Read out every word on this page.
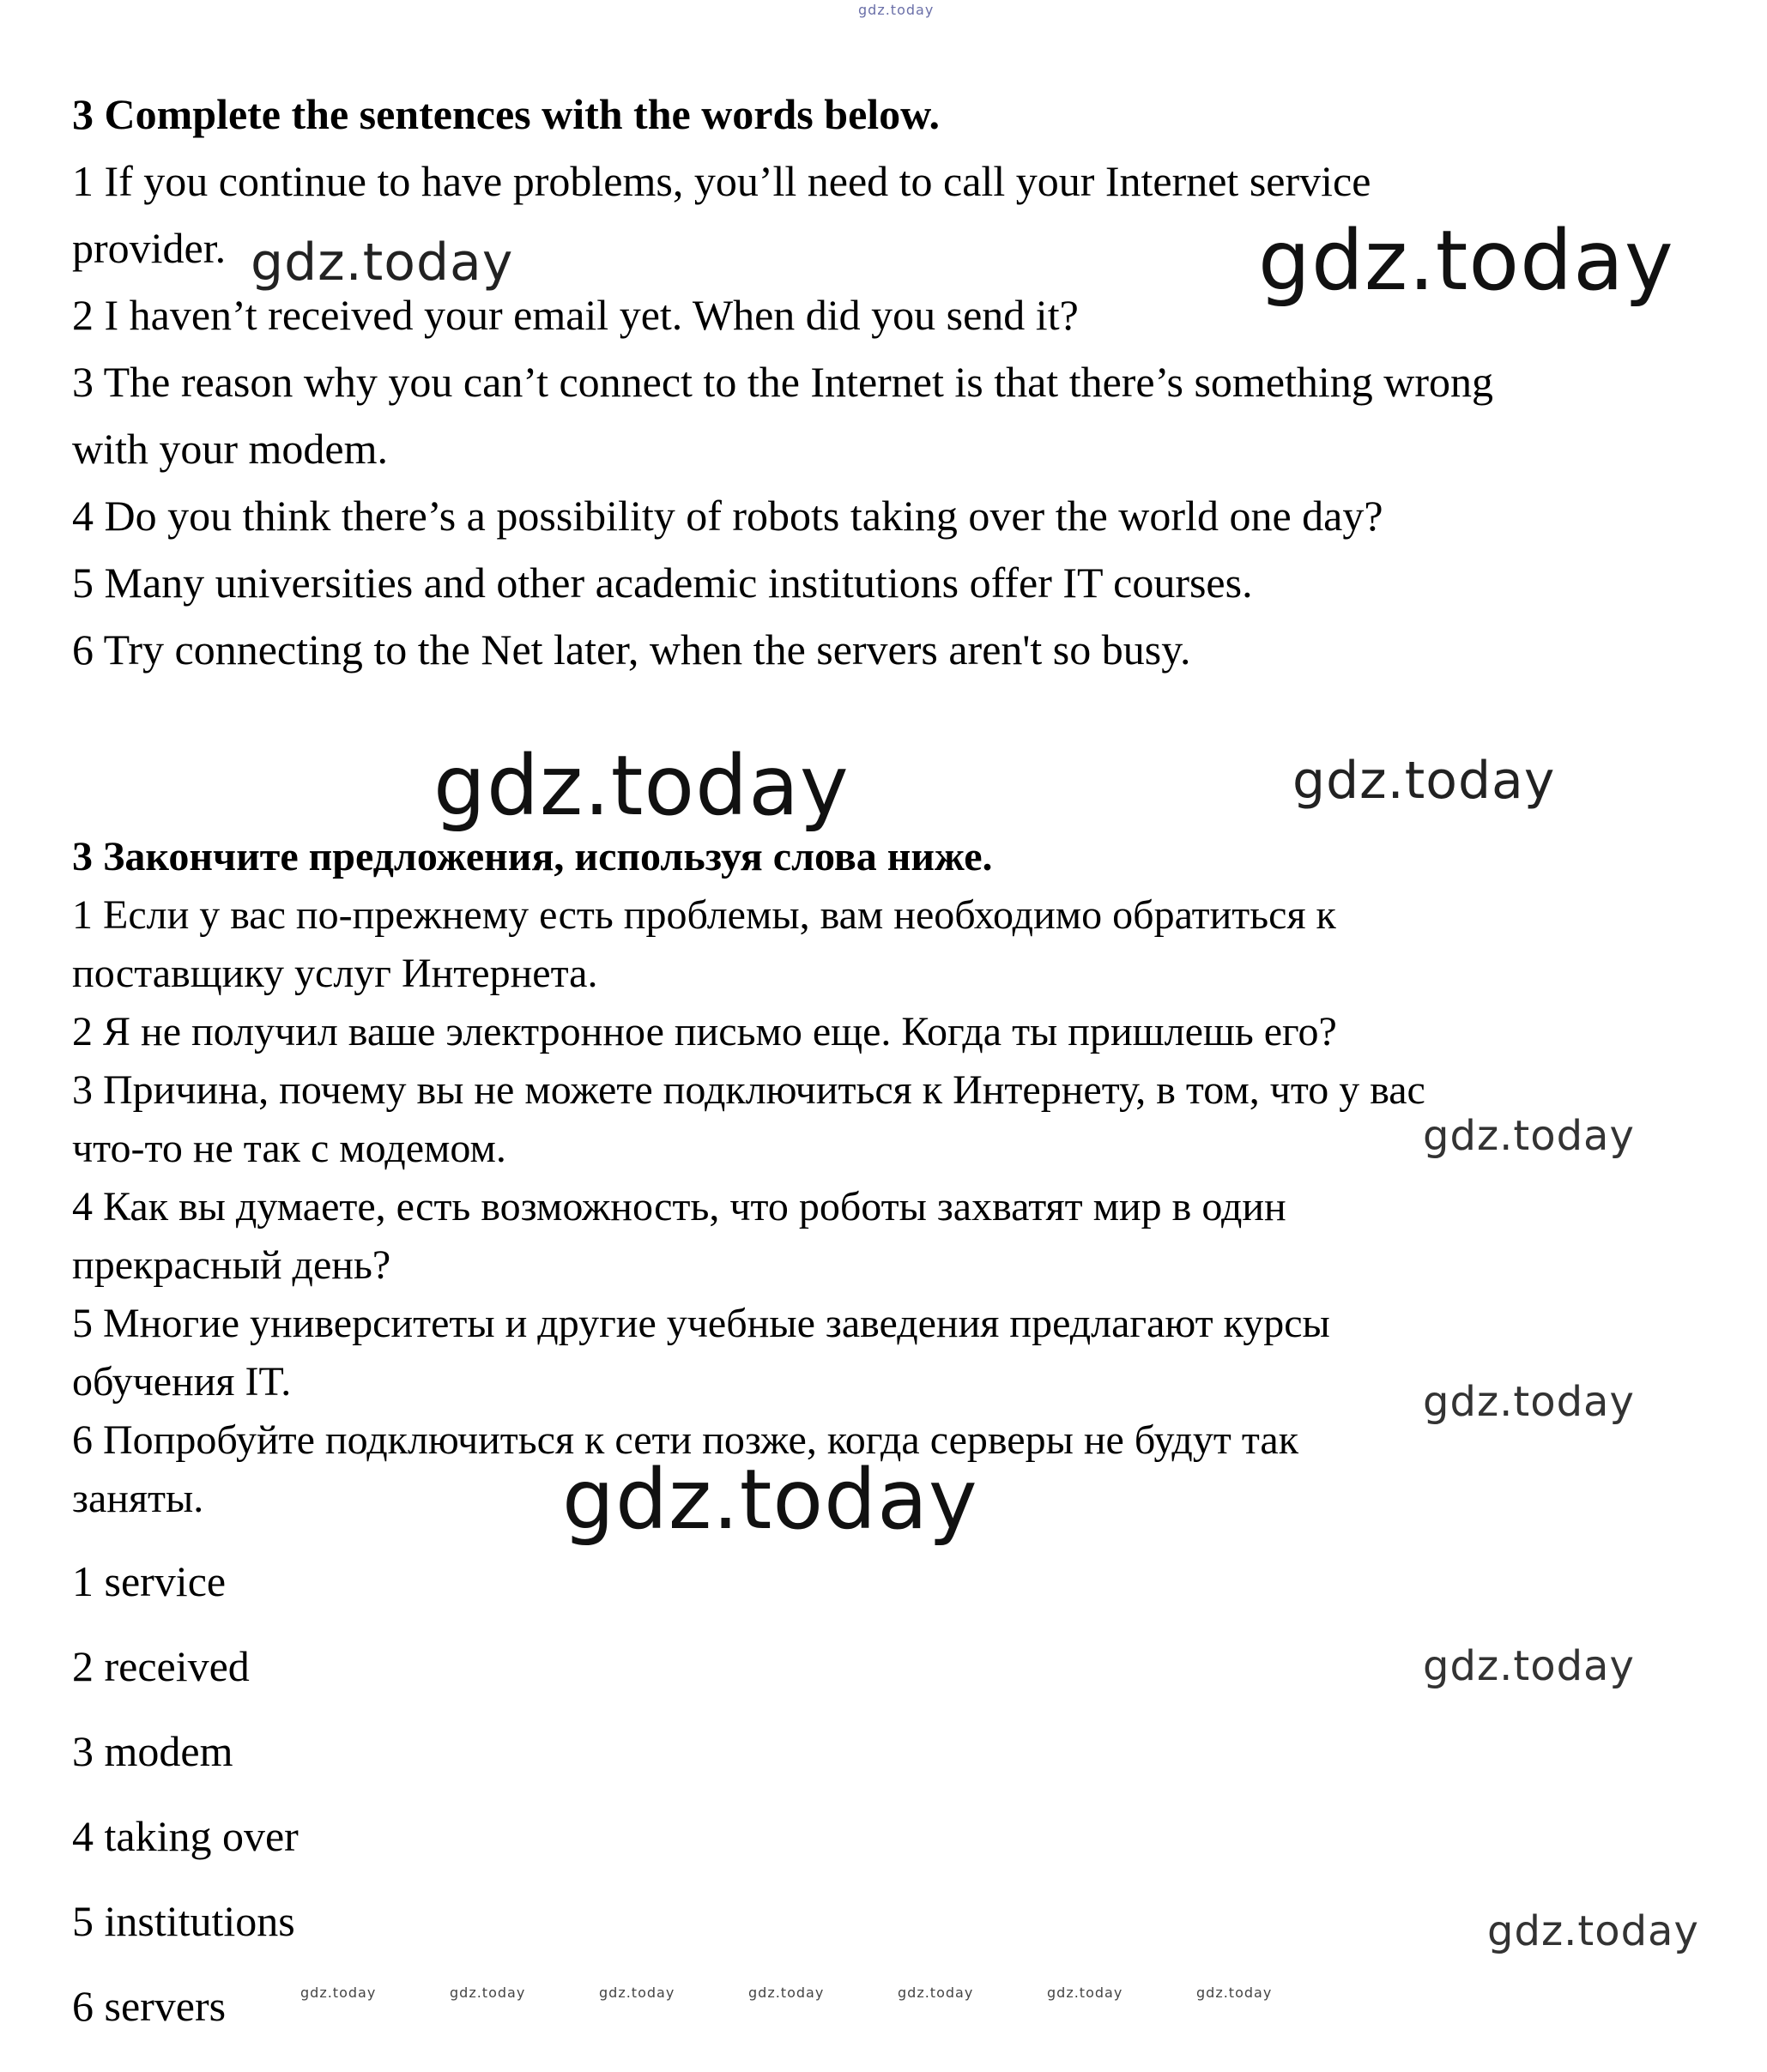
gdz.today
3 Complete the sentences with the words below.
1 If you continue to have problems, you’ll need to call your Internet service
provider.
2 I haven’t received your email yet. When did you send it?
3 The reason why you can’t connect to the Internet is that there’s something wrong
with your modem.
4 Do you think there’s a possibility of robots taking over the world one day?
5 Many universities and other academic institutions offer IT courses.
6 Try connecting to the Net later, when the servers aren't so busy.
gdz.today	gdz.today
gdz.today	gdz.today
3 Закончите предложения, используя слова ниже.
1 Если у вас по-прежнему есть проблемы, вам необходимо обратиться к
поставщику услуг Интернета.
2 Я не получил ваше электронное письмо еще. Когда ты пришлешь его?
3 Причина, почему вы не можете подключиться к Интернету, в том, что у вас
что-то не так с модемом.
4 Как вы думаете, есть возможность, что роботы захватят мир в один
прекрасный день?
5 Многие университеты и другие учебные заведения предлагают курсы
обучения IT.
6 Попробуйте подключиться к сети позже, когда серверы не будут так
заняты.
gdz.today
gdz.today
gdz.today
1 service
2 received
3 modem
4 taking over
5 institutions
6 servers
gdz.today
gdz.today
gdz.today	gdz.today	gdz.today	gdz.today	gdz.today	gdz.today	gdz.today
